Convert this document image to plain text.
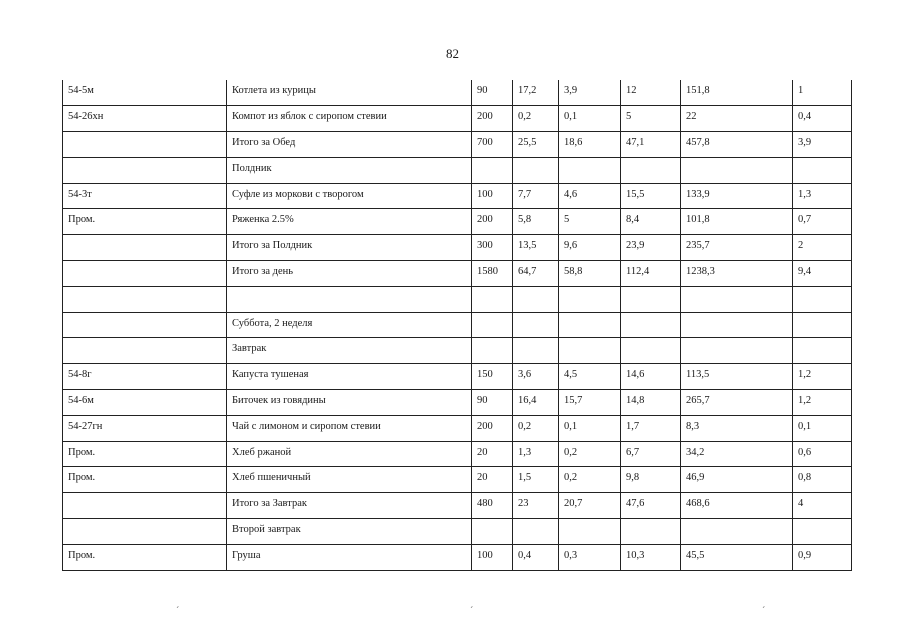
82
54-5м	Котлета из курицы	90	17,2	3,9	12	151,8	1
54-26хн	Компот из яблок с сиропом стевии	200	0,2	0,1	5	22	0,4
	Итого за Обед	700	25,5	18,6	47,1	457,8	3,9
	Полдник						
54-3т	Суфле из моркови с творогом	100	7,7	4,6	15,5	133,9	1,3
Пром.	Ряженка 2.5%	200	5,8	5	8,4	101,8	0,7
	Итого за Полдник	300	13,5	9,6	23,9	235,7	2
	Итого за день	1580	64,7	58,8	112,4	1238,3	9,4

	Суббота, 2 неделя						
	Завтрак						
54-8г	Капуста тушеная	150	3,6	4,5	14,6	113,5	1,2
54-6м	Биточек из говядины	90	16,4	15,7	14,8	265,7	1,2
54-27гн	Чай с лимоном и сиропом стевии	200	0,2	0,1	1,7	8,3	0,1
Пром.	Хлеб ржаной	20	1,3	0,2	6,7	34,2	0,6
Пром.	Хлеб пшеничный	20	1,5	0,2	9,8	46,9	0,8
	Итого за Завтрак	480	23	20,7	47,6	468,6	4
	Второй завтрак						
Пром.	Груша	100	0,4	0,3	10,3	45,5	0,9
´	´	´
